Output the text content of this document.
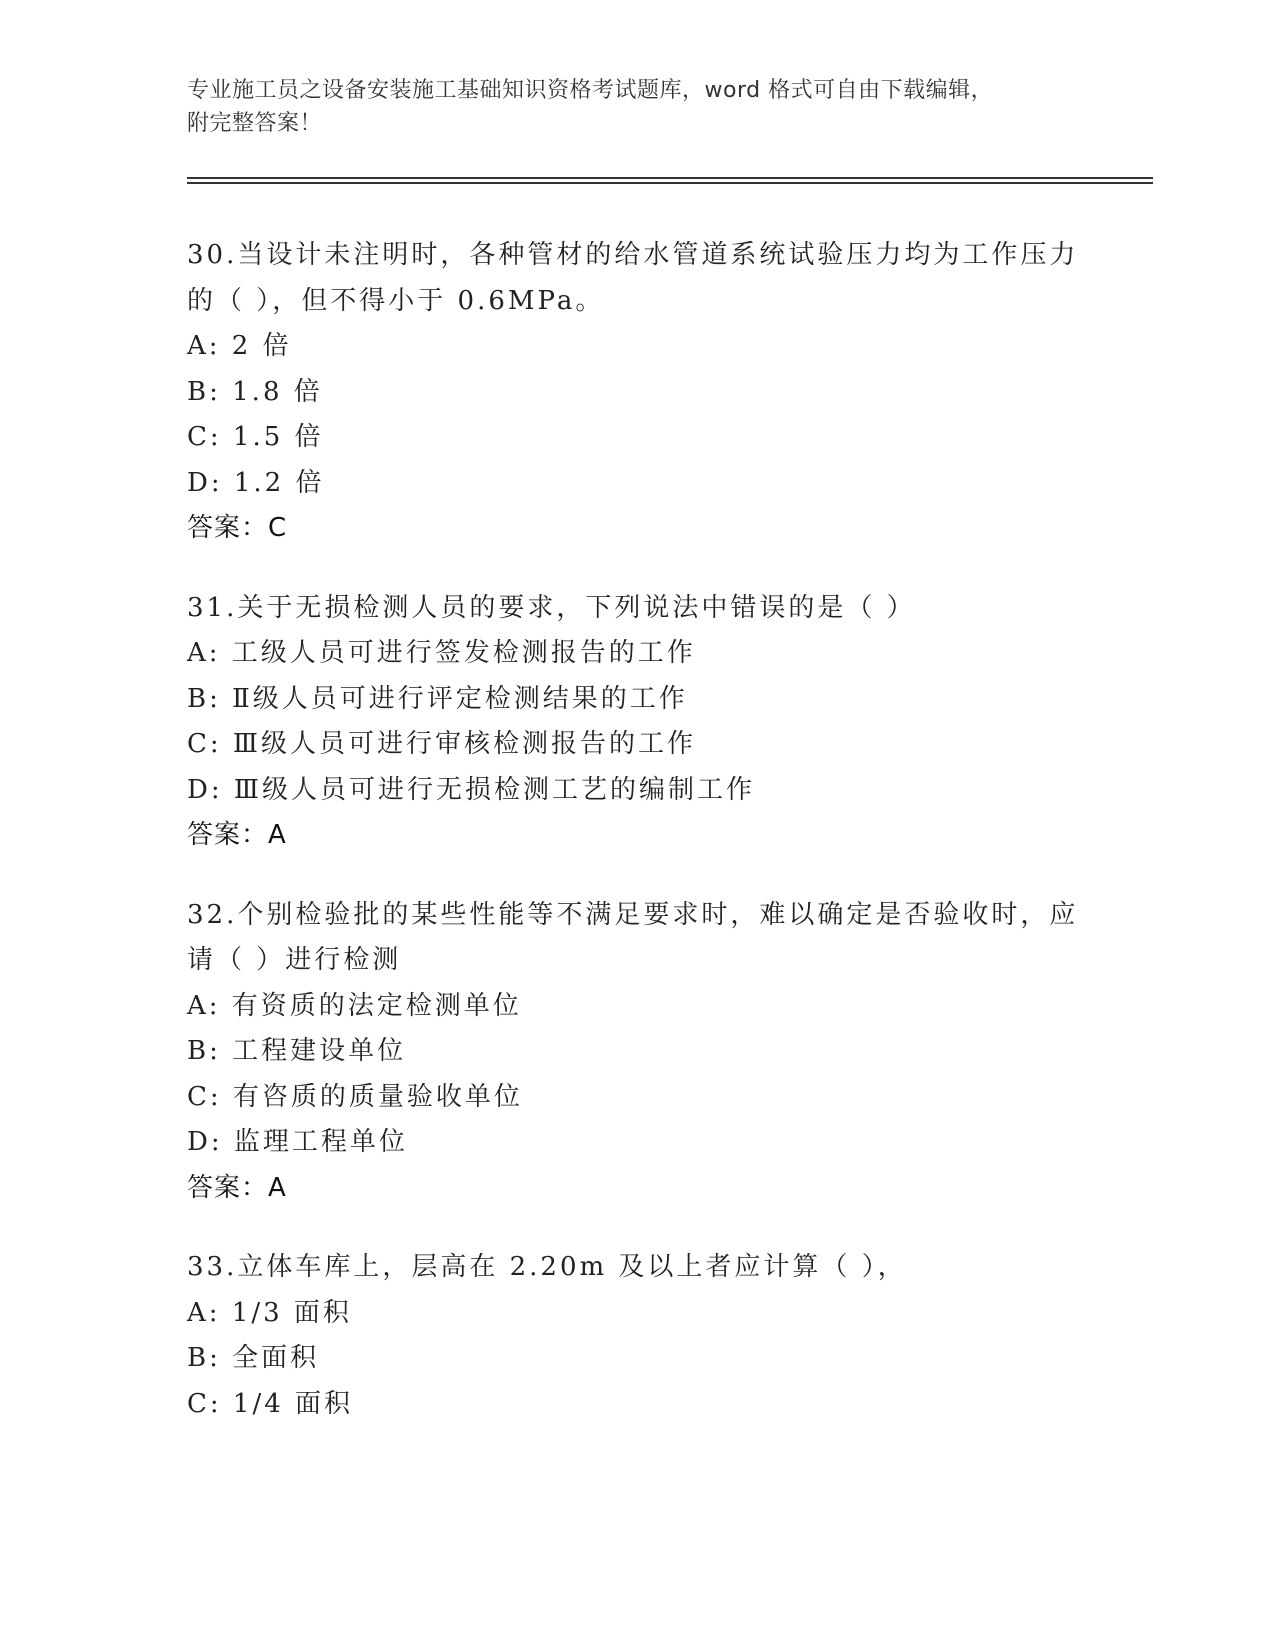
专业施工员之设备安装施工基础知识资格考试题库，word 格式可自由下载编辑，
附完整答案！
30.当设计未注明时，各种管材的给水管道系统试验压力均为工作压力
的（ ），但不得小于 0.6MPa。
A: 2 倍
B: 1.8 倍
C: 1.5 倍
D: 1.2 倍
答案：C
31.关于无损检测人员的要求，下列说法中错误的是（ ）
A: 工级人员可进行签发检测报告的工作
B: Ⅱ级人员可进行评定检测结果的工作
C: Ⅲ级人员可进行审核检测报告的工作
D: Ⅲ级人员可进行无损检测工艺的编制工作
答案：A
32.个别检验批的某些性能等不满足要求时，难以确定是否验收时，应
请（ ）进行检测
A: 有资质的法定检测单位
B: 工程建设单位
C: 有咨质的质量验收单位
D: 监理工程单位
答案：A
33.立体车库上，层高在 2.20m 及以上者应计算（ ），
A: 1/3 面积
B: 全面积
C: 1/4 面积
